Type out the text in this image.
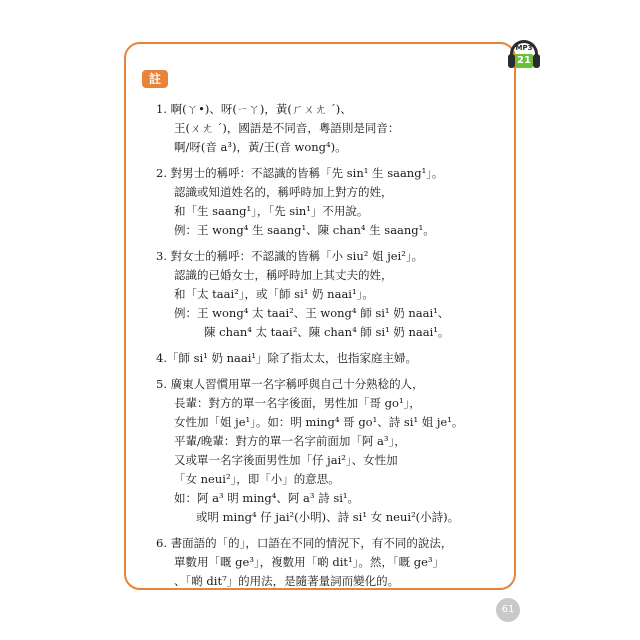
註
MP3
21
1. 啊(ㄚ•)、呀(ㄧㄚ)，黃(ㄏㄨㄤ ˊ)、
王(ㄨㄤ ˊ)，國語是不同音，粵語則是同音：
啊/呀(音 a³)，黃/王(音 wong⁴)。
2. 對男士的稱呼：不認識的皆稱「先 sin¹ 生 saang¹」。
認識或知道姓名的，稱呼時加上對方的姓，
和「生 saang¹」，「先 sin¹」不用說。
例：王 wong⁴ 生 saang¹、陳 chan⁴ 生 saang¹。
3. 對女士的稱呼：不認識的皆稱「小 siu² 姐 jei²」。
認識的已婚女士，稱呼時加上其丈夫的姓，
和「太 taai²」，或「師 si¹ 奶 naai¹」。
例：王 wong⁴ 太 taai²、王 wong⁴ 師 si¹ 奶 naai¹、
陳 chan⁴ 太 taai²、陳 chan⁴ 師 si¹ 奶 naai¹。
4.「師 si¹ 奶 naai¹」除了指太太，也指家庭主婦。
5. 廣東人習慣用單一名字稱呼與自己十分熟稔的人，
長輩：對方的單一名字後面，男性加「哥 go¹」，
女性加「姐 je¹」。如：明 ming⁴ 哥 go¹、詩 si¹ 姐 je¹。
平輩/晚輩：對方的單一名字前面加「阿 a³」，
又或單一名字後面男性加「仔 jai²」、女性加
「女 neui²」，即「小」的意思。
如：阿 a³ 明 ming⁴、阿 a³ 詩 si¹。
或明 ming⁴ 仔 jai²(小明)、詩 si¹ 女 neui²(小詩)。
6. 書面語的「的」，口語在不同的情況下，有不同的說法，
單數用「嘅 ge³」，複數用「啲 dit¹」。然，「嘅 ge³」
、「啲 dit⁷」的用法，是隨著量詞而變化的。
61
